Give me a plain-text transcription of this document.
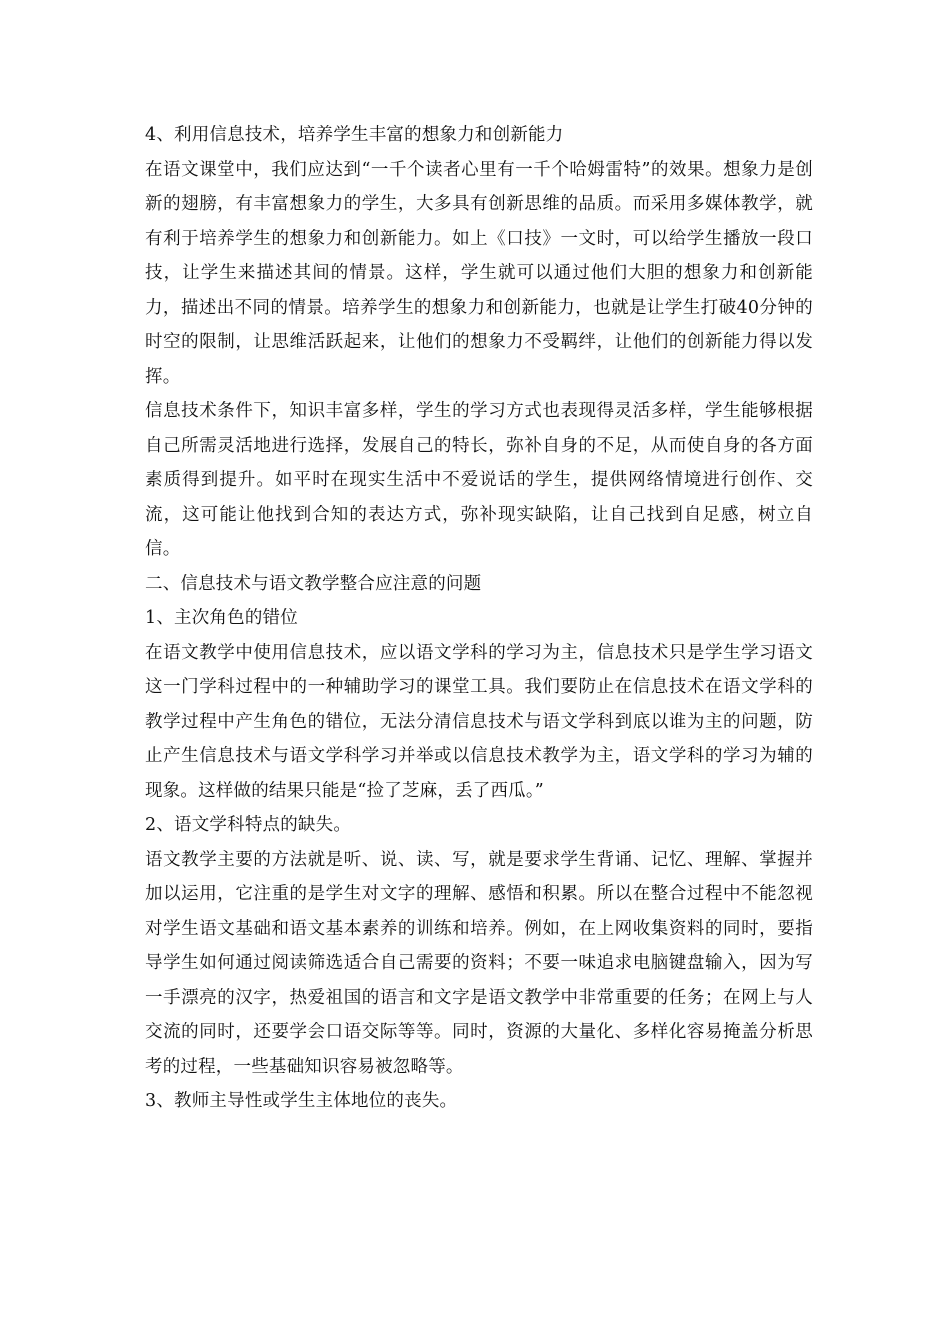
4、利用信息技术，培养学生丰富的想象力和创新能力

在语文课堂中，我们应达到“一千个读者心里有一千个哈姆雷特”的效果。想象力是创新的翅膀，有丰富想象力的学生，大多具有创新思维的品质。而采用多媒体教学，就有利于培养学生的想象力和创新能力。如上《口技》一文时，可以给学生播放一段口技，让学生来描述其间的情景。这样，学生就可以通过他们大胆的想象力和创新能力，描述出不同的情景。培养学生的想象力和创新能力，也就是让学生打破40分钟的时空的限制，让思维活跃起来，让他们的想象力不受羁绊，让他们的创新能力得以发挥。

信息技术条件下，知识丰富多样，学生的学习方式也表现得灵活多样，学生能够根据自己所需灵活地进行选择，发展自己的特长，弥补自身的不足，从而使自身的各方面素质得到提升。如平时在现实生活中不爱说话的学生，提供网络情境进行创作、交流，这可能让他找到合知的表达方式，弥补现实缺陷，让自己找到自足感，树立自信。

二、信息技术与语文教学整合应注意的问题

1、主次角色的错位

在语文教学中使用信息技术，应以语文学科的学习为主，信息技术只是学生学习语文这一门学科过程中的一种辅助学习的课堂工具。我们要防止在信息技术在语文学科的教学过程中产生角色的错位，无法分清信息技术与语文学科到底以谁为主的问题，防止产生信息技术与语文学科学习并举或以信息技术教学为主，语文学科的学习为辅的现象。这样做的结果只能是“捡了芝麻，丢了西瓜。”

2、语文学科特点的缺失。

语文教学主要的方法就是听、说、读、写，就是要求学生背诵、记忆、理解、掌握并加以运用，它注重的是学生对文字的理解、感悟和积累。所以在整合过程中不能忽视对学生语文基础和语文基本素养的训练和培养。例如，在上网收集资料的同时，要指导学生如何通过阅读筛选适合自己需要的资料；不要一味追求电脑键盘输入，因为写一手漂亮的汉字，热爱祖国的语言和文字是语文教学中非常重要的任务；在网上与人交流的同时，还要学会口语交际等等。同时，资源的大量化、多样化容易掩盖分析思考的过程，一些基础知识容易被忽略等。

3、教师主导性或学生主体地位的丧失。
